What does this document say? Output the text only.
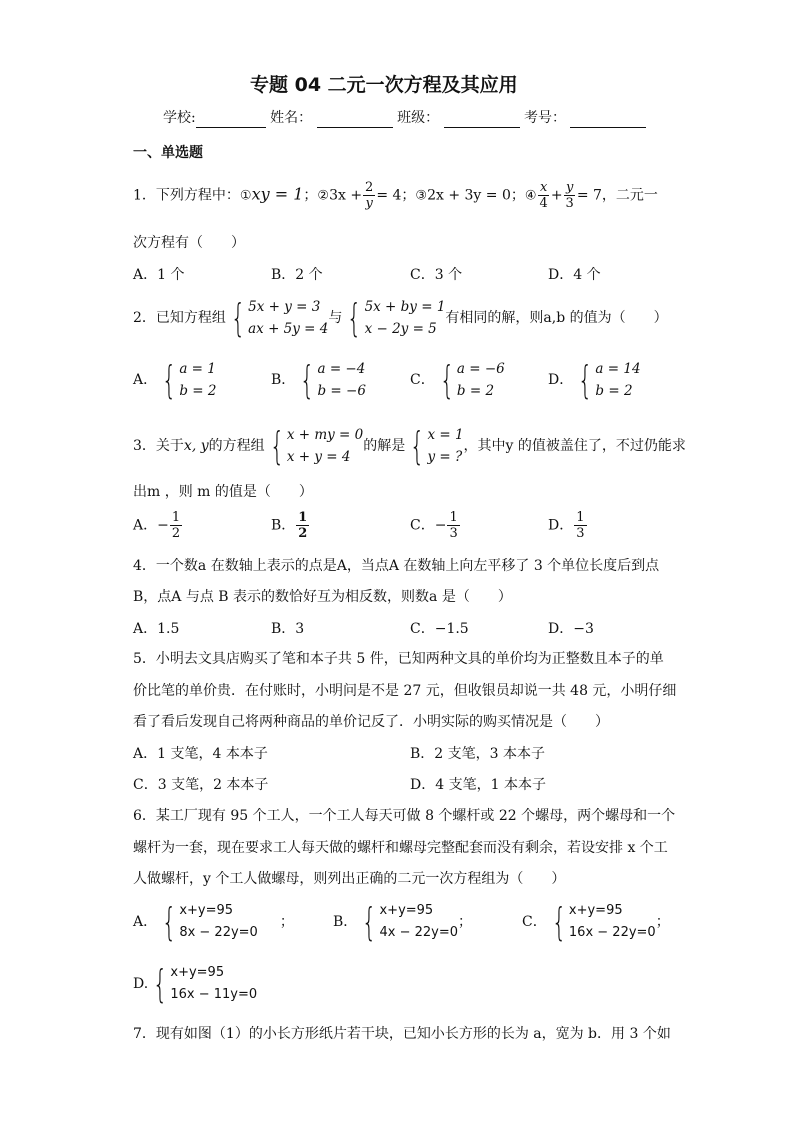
专题 04 二元一次方程及其应用
学校:	姓名：	班级：	考号：
一、单选题
1．下列方程中：①xy = 1；②3x + $\frac{2}{y} = 4$；③2x + 3y = 0；④ $\frac{x}{4} + \frac{y}{3} = 7$，二元一
次方程有（　　）
A．1 个	B．2 个	C．3 个	D．4 个
2．已知方程组 { 5x + y = 3
ax + 5y = 4
与 { 5x + by = 1
x − 2y = 5
有相同的解，则a,b 的值为（　　）
A． { a = 1
b = 2
B． { a = −4
b = −6
C． { a = −6
b = 2
D． { a = 14
b = 2
3．关于x, y的方程组 { x + my = 0
x + y = 4
的解是 { x = 1
y = ?
，其中y 的值被盖住了，不过仍能求
出m ，则 m 的值是（　　）
A．− $\frac{1}{2}$	B． $\frac{1}{2}$	C．− $\frac{1}{3}$	D． $\frac{1}{3}$
4．一个数a 在数轴上表示的点是A，当点A 在数轴上向左平移了 3 个单位长度后到点
B，点A 与点 B 表示的数恰好互为相反数，则数a 是（　　）
A．1.5	B．3	C．−1.5	D．−3
5．小明去文具店购买了笔和本子共 5 件，已知两种文具的单价均为正整数且本子的单
价比笔的单价贵．在付账时，小明问是不是 27 元，但收银员却说一共 48 元，小明仔细
看了看后发现自己将两种商品的单价记反了．小明实际的购买情况是（　　）
A．1 支笔，4 本本子	B．2 支笔，3 本本子
C．3 支笔，2 本本子	D．4 支笔，1 本本子
6．某工厂现有 95 个工人，一个工人每天可做 8 个螺杆或 22 个螺母，两个螺母和一个
螺杆为一套，现在要求工人每天做的螺杆和螺母完整配套而没有剩余，若设安排 x 个工
人做螺杆，y 个工人做螺母，则列出正确的二元一次方程组为（　　）
A． { x+y=95
8x − 22y=0
；	B． { x+y=95
4x − 22y=0
；	C． { x+y=95
16x − 22y=0
；
D. { x+y=95
16x − 11y=0
7．现有如图（1）的小长方形纸片若干块，已知小长方形的长为 a，宽为 b．用 3 个如
